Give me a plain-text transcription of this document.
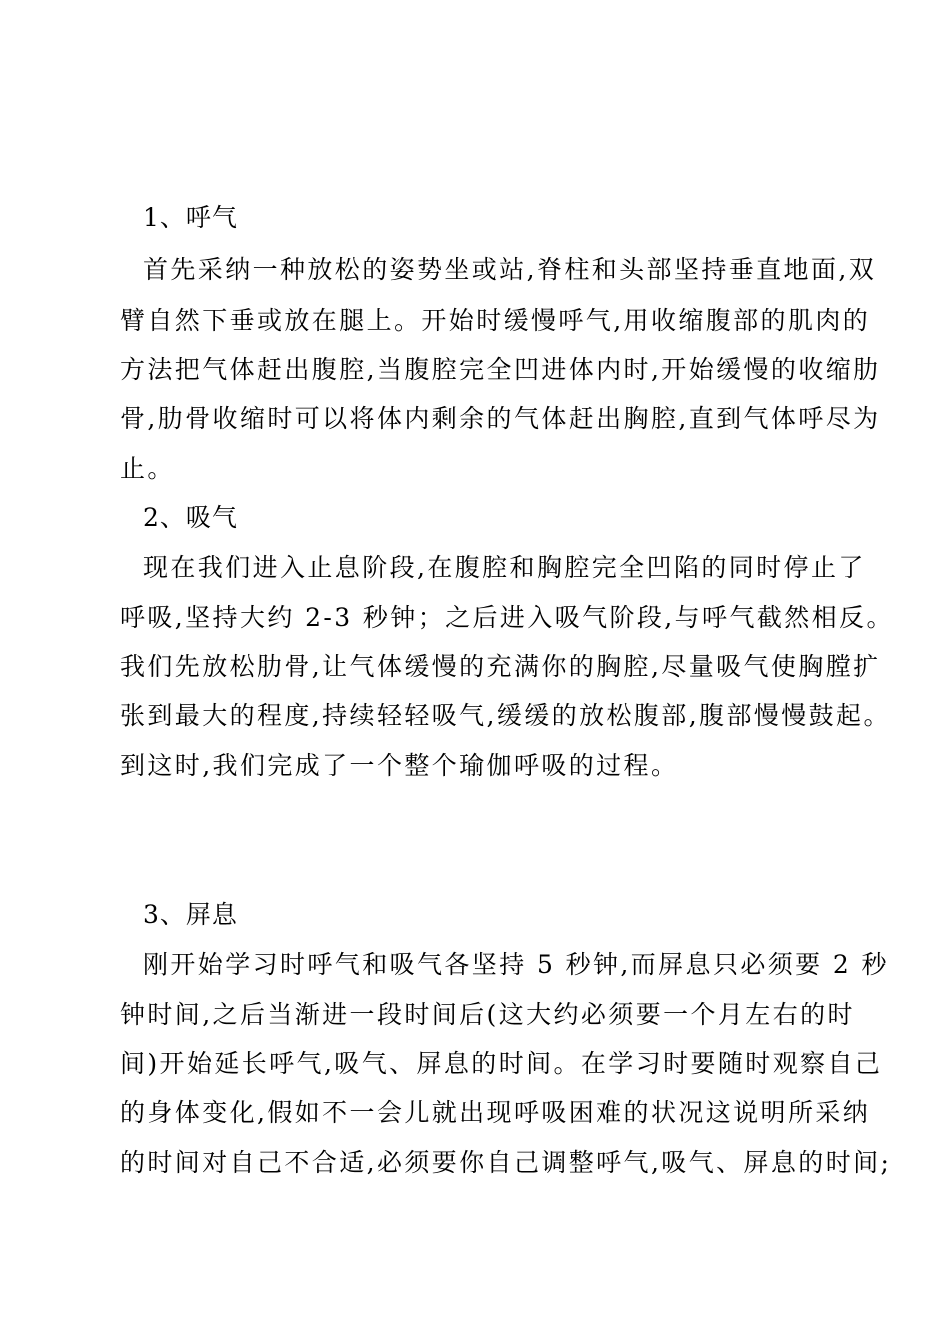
1、呼气
首先采纳一种放松的姿势坐或站,脊柱和头部坚持垂直地面,双
臂自然下垂或放在腿上。开始时缓慢呼气,用收缩腹部的肌肉的
方法把气体赶出腹腔,当腹腔完全凹进体内时,开始缓慢的收缩肋
骨,肋骨收缩时可以将体内剩余的气体赶出胸腔,直到气体呼尽为
止。
2、吸气
现在我们进入止息阶段,在腹腔和胸腔完全凹陷的同时停止了
呼吸,坚持大约 2-3 秒钟；之后进入吸气阶段,与呼气截然相反。
我们先放松肋骨,让气体缓慢的充满你的胸腔,尽量吸气使胸膛扩
张到最大的程度,持续轻轻吸气,缓缓的放松腹部,腹部慢慢鼓起。
到这时,我们完成了一个整个瑜伽呼吸的过程。
3、屏息
刚开始学习时呼气和吸气各坚持 5 秒钟,而屏息只必须要 2 秒
钟时间,之后当渐进一段时间后(这大约必须要一个月左右的时
间)开始延长呼气,吸气、屏息的时间。在学习时要随时观察自己
的身体变化,假如不一会儿就出现呼吸困难的状况这说明所采纳
的时间对自己不合适,必须要你自己调整呼气,吸气、屏息的时间;
